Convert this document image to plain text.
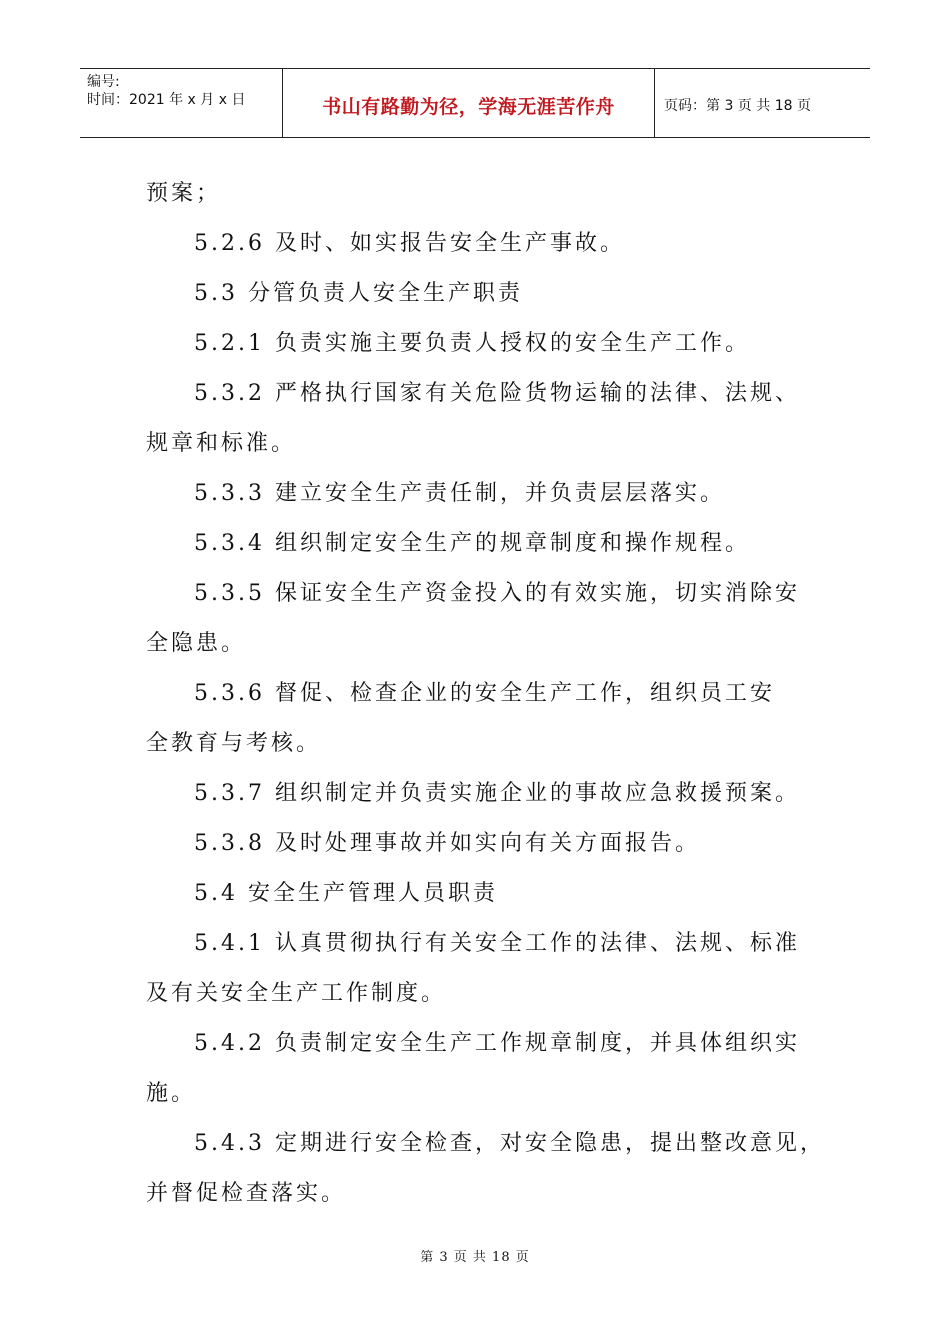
编号:
时间：2021 年 x 月 x 日	书山有路勤为径，学海无涯苦作舟	页码：第 3 页 共 18 页

预案；

5.2.6 及时、如实报告安全生产事故。

5.3 分管负责人安全生产职责

5.2.1 负责实施主要负责人授权的安全生产工作。

5.3.2 严格执行国家有关危险货物运输的法律、法规、
规章和标准。

5.3.3 建立安全生产责任制，并负责层层落实。

5.3.4 组织制定安全生产的规章制度和操作规程。

5.3.5 保证安全生产资金投入的有效实施，切实消除安
全隐患。

5.3.6 督促、检查企业的安全生产工作，组织员工安
全教育与考核。

5.3.7 组织制定并负责实施企业的事故应急救援预案。

5.3.8 及时处理事故并如实向有关方面报告。

5.4 安全生产管理人员职责

5.4.1 认真贯彻执行有关安全工作的法律、法规、标准
及有关安全生产工作制度。

5.4.2 负责制定安全生产工作规章制度，并具体组织实
施。

5.4.3 定期进行安全检查，对安全隐患，提出整改意见，
并督促检查落实。

第 3 页 共 18 页
